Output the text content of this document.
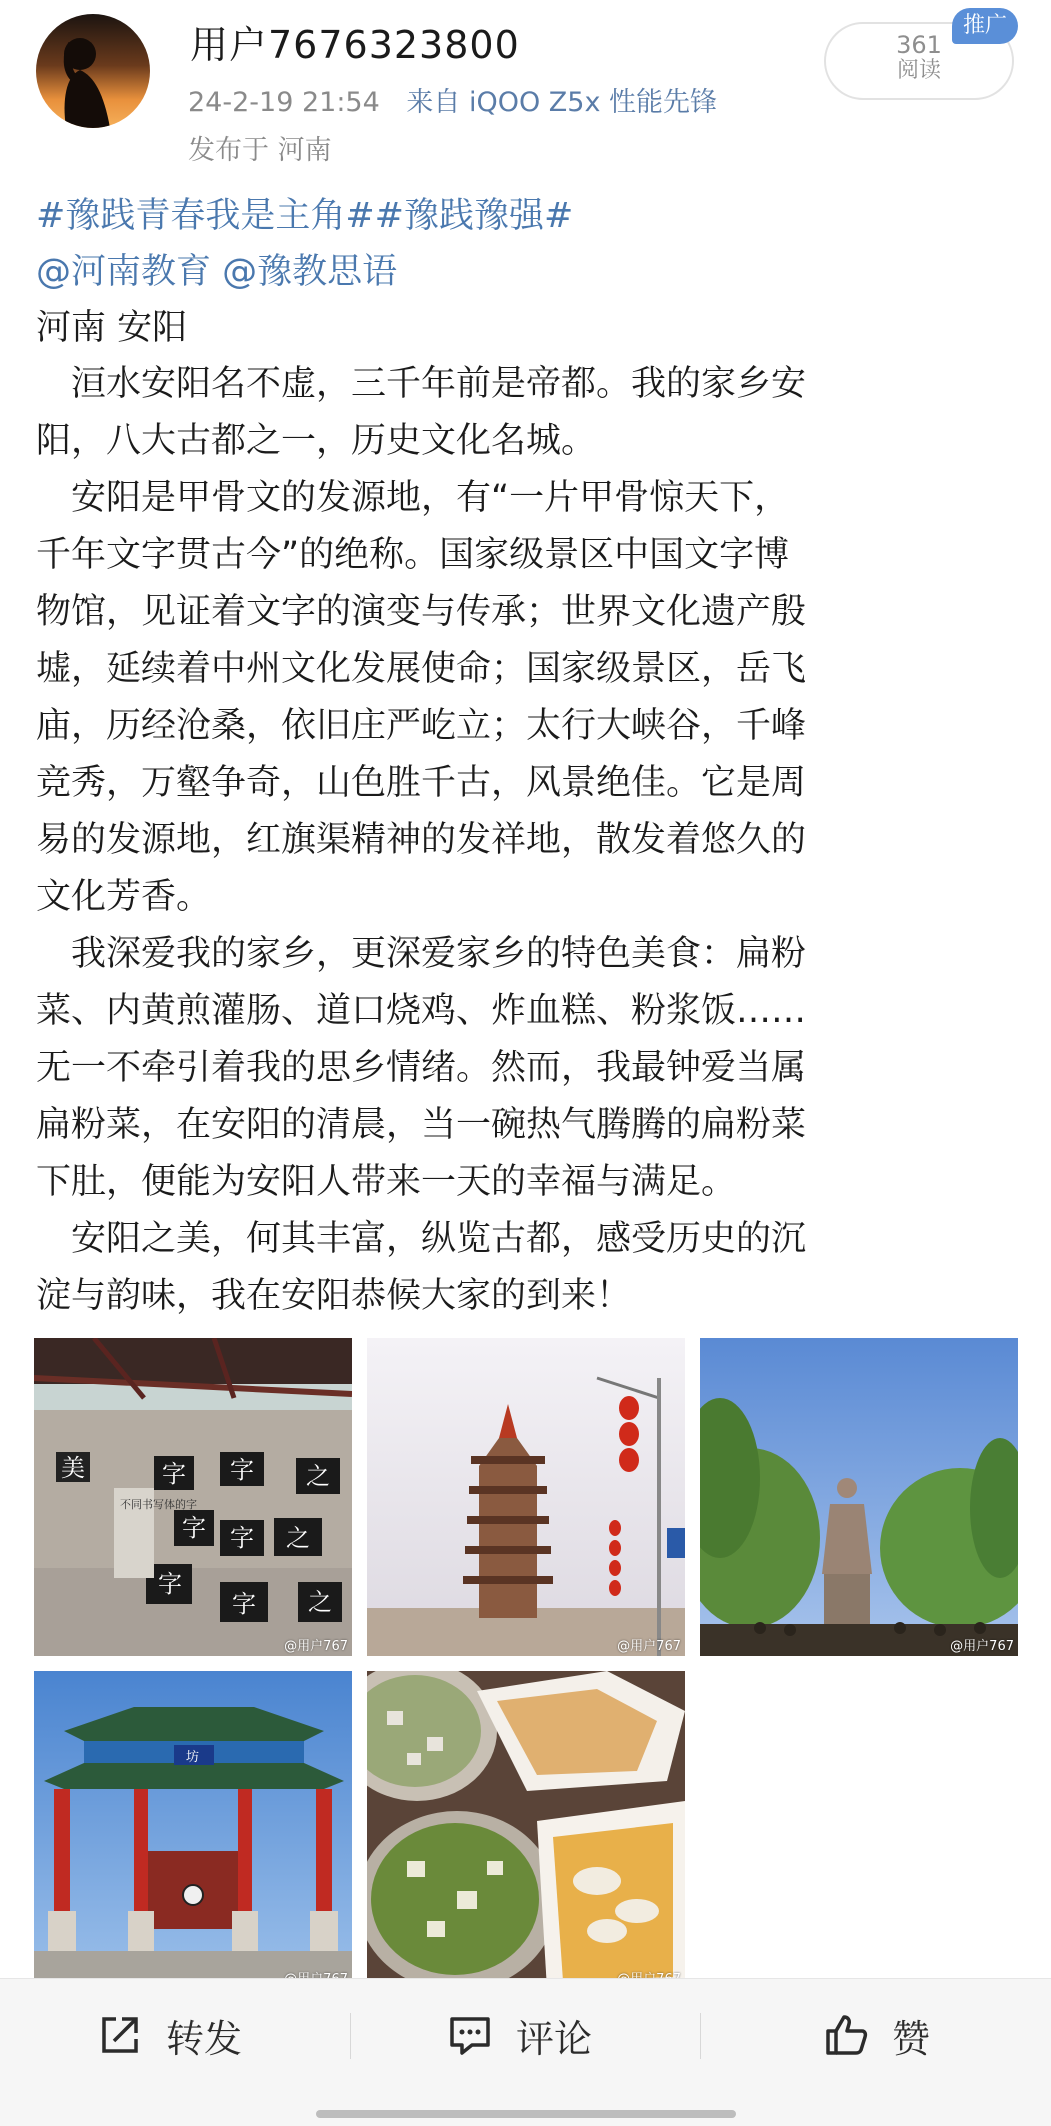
用户7676323800
24-2-19 21:54 来自 iQOO Z5x 性能先锋
发布于 河南
361
阅读
推广
#豫践青春我是主角##豫践豫强#
@河南教育 @豫教思语
河南 安阳
　洹水安阳名不虚，三千年前是帝都。我的家乡安
阳，八大古都之一，历史文化名城。
　安阳是甲骨文的发源地，有“一片甲骨惊天下，
千年文字贯古今”的绝称。国家级景区中国文字博
物馆，见证着文字的演变与传承；世界文化遗产殷
墟，延续着中州文化发展使命；国家级景区，岳飞
庙，历经沧桑，依旧庄严屹立；太行大峡谷，千峰
竞秀，万壑争奇，山色胜千古，风景绝佳。它是周
易的发源地，红旗渠精神的发祥地，散发着悠久的
文化芳香。
　我深爱我的家乡，更深爱家乡的特色美食：扁粉
菜、内黄煎灌肠、道口烧鸡、炸血糕、粉浆饭……
无一不牵引着我的思乡情绪。然而，我最钟爱当属
扁粉菜，在安阳的清晨，当一碗热气腾腾的扁粉菜
下肚，便能为安阳人带来一天的幸福与满足。
　安阳之美，何其丰富，纵览古都，感受历史的沉
淀与韵味，我在安阳恭候大家的到来！
美	字 字 之
字 字 之
字
字 之
不同书写体的字
@用户767	@用户767	@用户767
坊
转发	评论	赞
